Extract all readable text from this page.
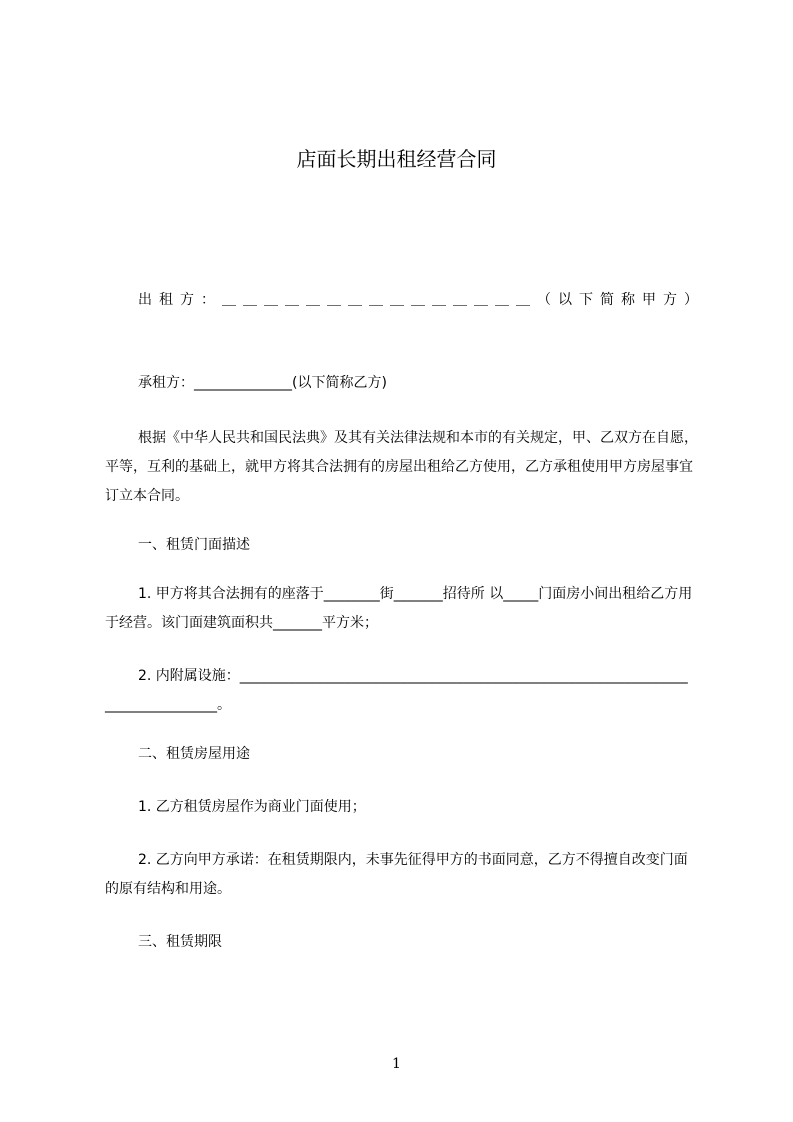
店面长期出租经营合同
出 租 方 ： ＿ ＿ ＿ ＿ ＿ ＿ ＿ ＿ ＿ ＿ ＿ ＿ ＿ ＿ ＿ （ 以 下 简 称 甲 方 ）
承租方：______________(以下简称乙方)
根据《中华人民共和国民法典》及其有关法律法规和本市的有关规定，甲、乙双方在自愿，平等，互利的基础上，就甲方将其合法拥有的房屋出租给乙方使用，乙方承租使用甲方房屋事宜订立本合同。
一、租赁门面描述
1. 甲方将其合法拥有的座落于________街_______招待所 以_____门面房小间出租给乙方用于经营。该门面建筑面积共_______平方米；
2. 内附属设施：________________________________________________________________
________________。
二、租赁房屋用途
1. 乙方租赁房屋作为商业门面使用；
2. 乙方向甲方承诺：在租赁期限内，未事先征得甲方的书面同意，乙方不得擅自改变门面的原有结构和用途。
三、租赁期限
1
